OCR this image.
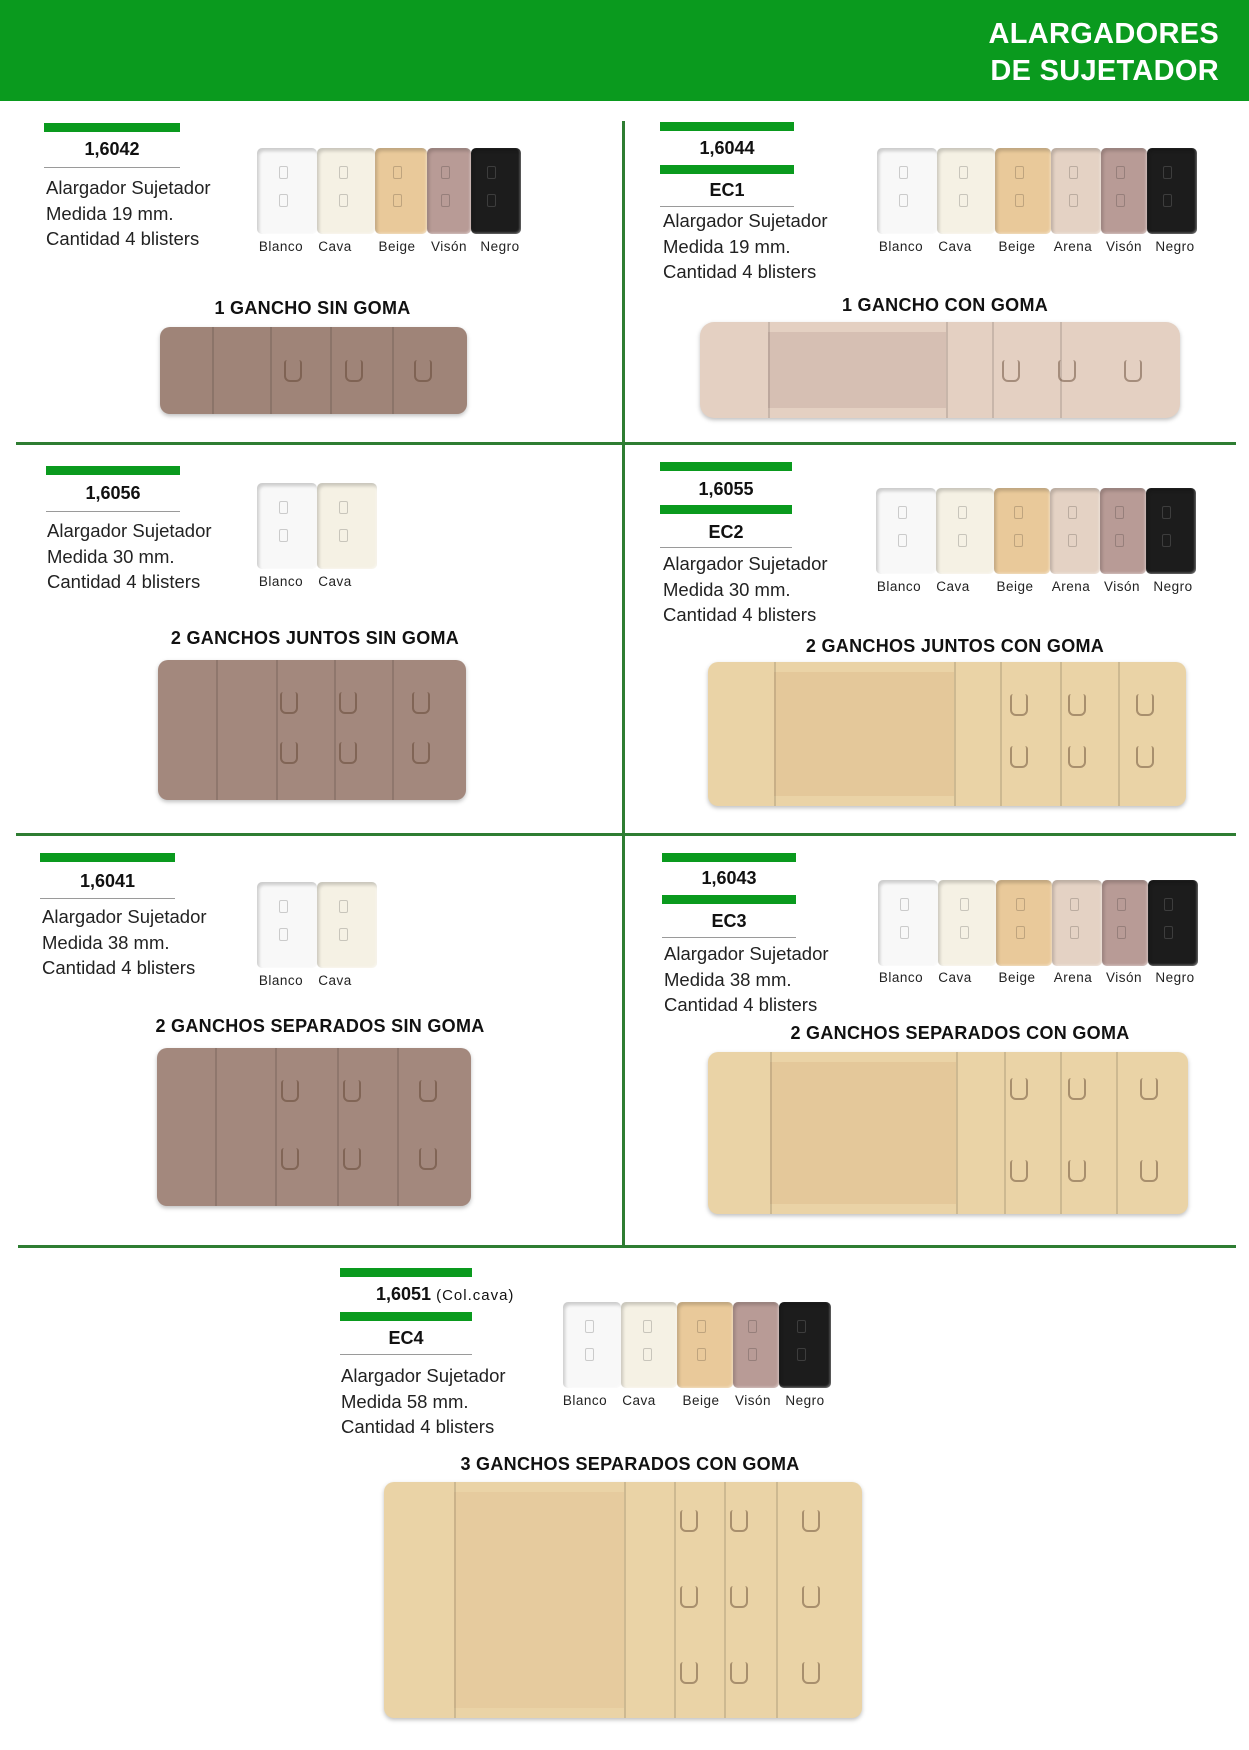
ALARGADORES
DE SUJETADOR
1,6042
Alargador Sujetador
Medida 19 mm.
Cantidad 4 blisters	Blanco Cava Beige Visón Negro
1 GANCHO SIN GOMA
1,6044
EC1
Alargador Sujetador
Medida 19 mm.
Cantidad 4 blisters
Blanco Cava Beige Arena Visón Negro
1 GANCHO CON GOMA
1,6056
Alargador Sujetador
Medida 30 mm.
Cantidad 4 blisters	Blanco Cava
2 GANCHOS JUNTOS SIN GOMA
1,6055
EC2
Alargador Sujetador
Medida 30 mm.
Cantidad 4 blisters
Blanco Cava Beige Arena Visón Negro
2 GANCHOS JUNTOS CON GOMA
1,6041
Alargador Sujetador
Medida 38 mm.
Cantidad 4 blisters
Blanco Cava
2 GANCHOS SEPARADOS SIN GOMA
1,6043
EC3
Alargador Sujetador
Medida 38 mm.
Cantidad 4 blisters
Blanco Cava Beige Arena Visón Negro
2 GANCHOS SEPARADOS CON GOMA
1,6051 (Col.cava)
EC4
Alargador Sujetador
Medida 58 mm.
Cantidad 4 blisters
Blanco Cava Beige Visón Negro
3 GANCHOS SEPARADOS CON GOMA
